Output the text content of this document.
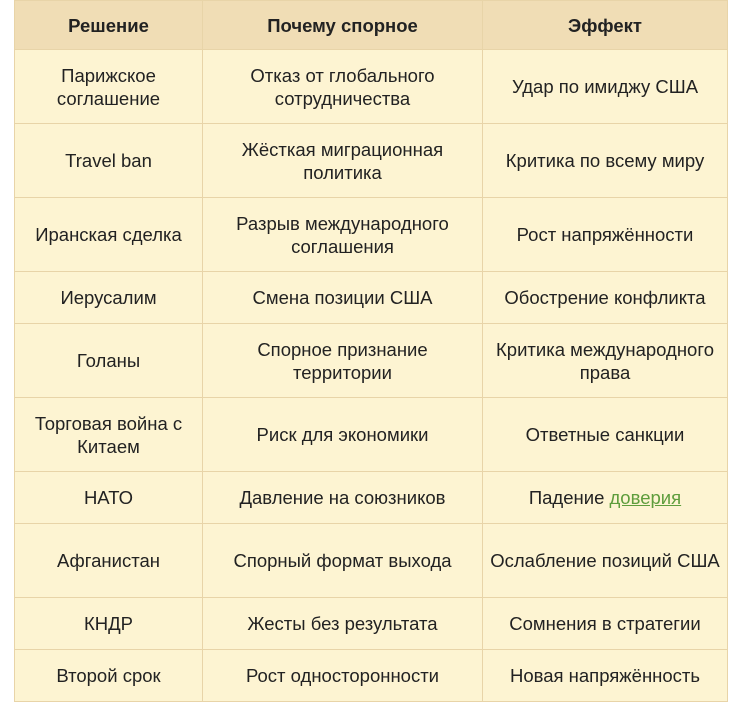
Решение	Почему спорное	Эффект
Парижское соглашение	Отказ от глобального сотрудничества	Удар по имиджу США
Travel ban	Жёсткая миграционная политика	Критика по всему миру
Иранская сделка	Разрыв международного соглашения	Рост напряжённости
Иерусалим	Смена позиции США	Обострение конфликта
Голаны	Спорное признание территории	Критика международного права
Торговая война с Китаем	Риск для экономики	Ответные санкции
НАТО	Давление на союзников	Падение доверия
Афганистан	Спорный формат выхода	Ослабление позиций США
КНДР	Жесты без результата	Сомнения в стратегии
Второй срок	Рост односторонности	Новая напряжённость
